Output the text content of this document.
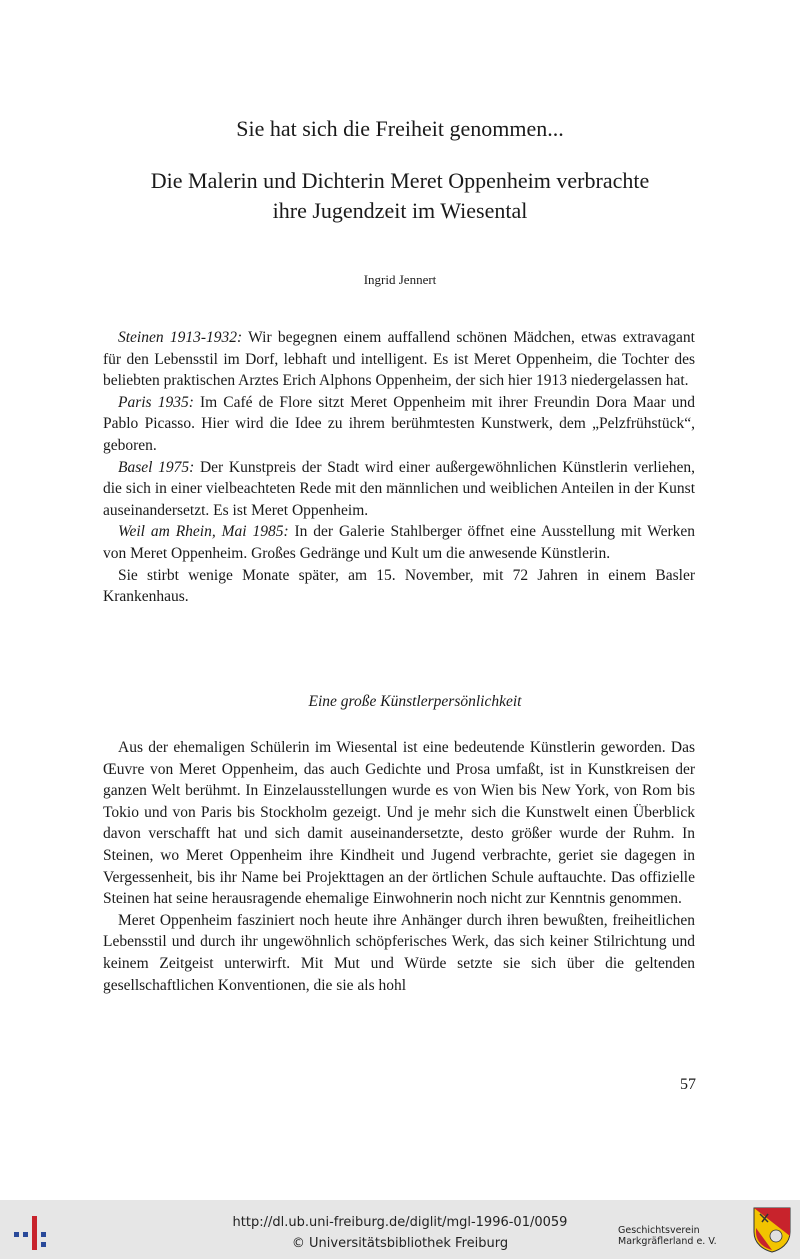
Sie hat sich die Freiheit genommen...
Die Malerin und Dichterin Meret Oppenheim verbrachte
ihre Jugendzeit im Wiesental
Ingrid Jennert

Steinen 1913-1932: Wir begegnen einem auffallend schönen Mädchen, etwas extravagant für den Lebensstil im Dorf, lebhaft und intelligent. Es ist Meret Oppenheim, die Tochter des beliebten praktischen Arztes Erich Alphons Oppenheim, der sich hier 1913 niedergelassen hat.

Paris 1935: Im Café de Flore sitzt Meret Oppenheim mit ihrer Freundin Dora Maar und Pablo Picasso. Hier wird die Idee zu ihrem berühmtesten Kunstwerk, dem „Pelzfrühstück“, geboren.

Basel 1975: Der Kunstpreis der Stadt wird einer außergewöhnlichen Künstlerin verliehen, die sich in einer vielbeachteten Rede mit den männlichen und weiblichen Anteilen in der Kunst auseinandersetzt. Es ist Meret Oppenheim.

Weil am Rhein, Mai 1985: In der Galerie Stahlberger öffnet eine Ausstellung mit Werken von Meret Oppenheim. Großes Gedränge und Kult um die anwesende Künstlerin.

Sie stirbt wenige Monate später, am 15. November, mit 72 Jahren in einem Basler Krankenhaus.

Eine große Künstlerpersönlichkeit

Aus der ehemaligen Schülerin im Wiesental ist eine bedeutende Künstlerin geworden. Das Œuvre von Meret Oppenheim, das auch Gedichte und Prosa umfaßt, ist in Kunstkreisen der ganzen Welt berühmt. In Einzelausstellungen wurde es von Wien bis New York, von Rom bis Tokio und von Paris bis Stockholm gezeigt. Und je mehr sich die Kunstwelt einen Überblick davon verschafft hat und sich damit auseinandersetzte, desto größer wurde der Ruhm. In Steinen, wo Meret Oppenheim ihre Kindheit und Jugend verbrachte, geriet sie dagegen in Vergessenheit, bis ihr Name bei Projekttagen an der örtlichen Schule auftauchte. Das offizielle Steinen hat seine herausragende ehemalige Einwohnerin noch nicht zur Kenntnis genommen.

Meret Oppenheim fasziniert noch heute ihre Anhänger durch ihren bewußten, freiheitlichen Lebensstil und durch ihr ungewöhnlich schöpferisches Werk, das sich keiner Stilrichtung und keinem Zeitgeist unterwirft. Mit Mut und Würde setzte sie sich über die geltenden gesellschaftlichen Konventionen, die sie als hohl

57
http://dl.ub.uni-freiburg.de/diglit/mgl-1996-01/0059
© Universitätsbibliothek Freiburg
Geschichtsverein
Markgräflerland e. V.
